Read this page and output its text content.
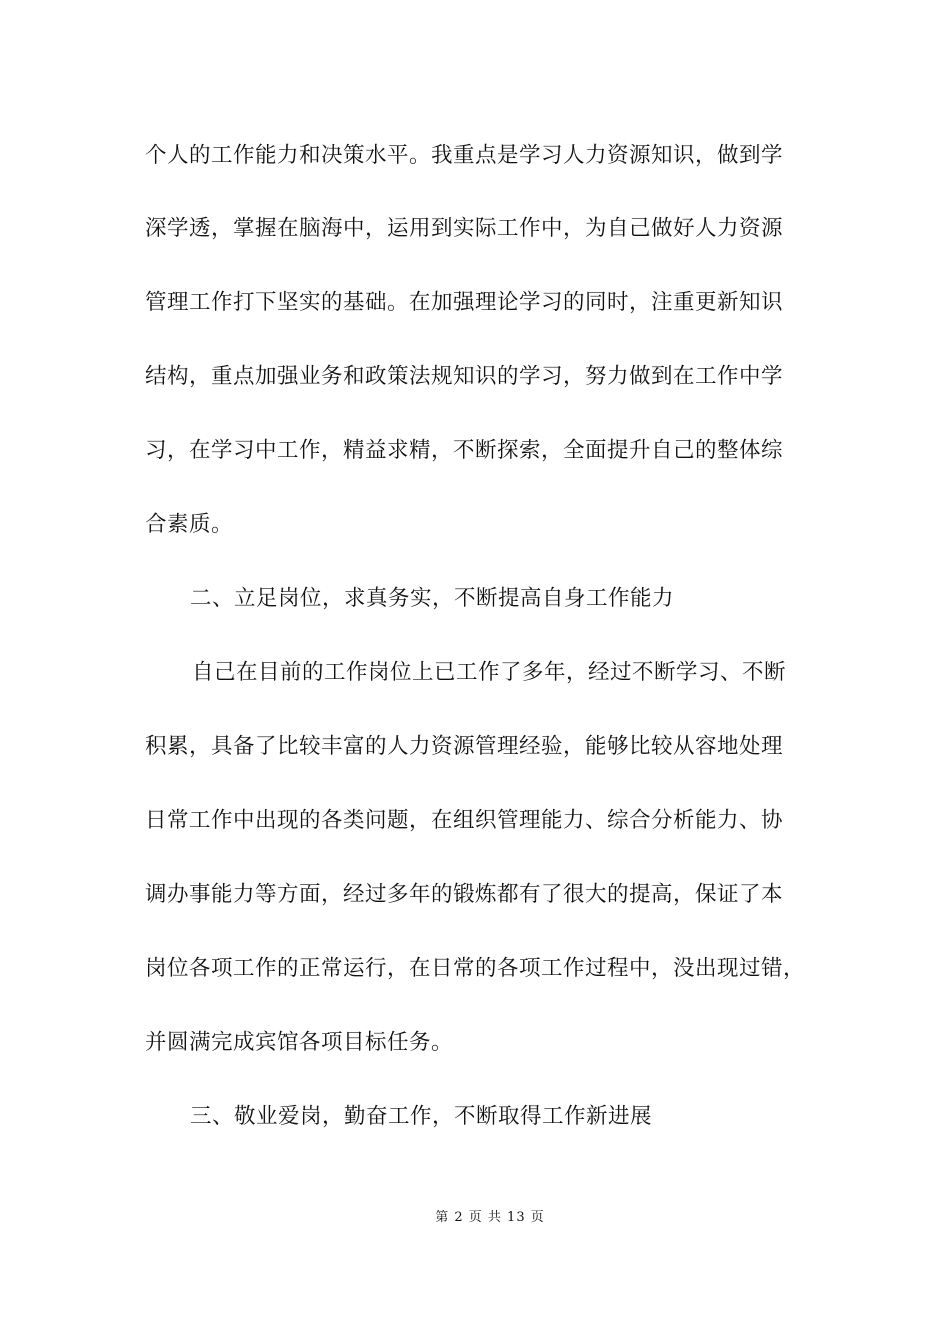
个人的工作能力和决策水平。我重点是学习人力资源知识，做到学
深学透，掌握在脑海中，运用到实际工作中，为自己做好人力资源
管理工作打下坚实的基础。在加强理论学习的同时，注重更新知识
结构，重点加强业务和政策法规知识的学习，努力做到在工作中学
习，在学习中工作，精益求精，不断探索，全面提升自己的整体综
合素质。
二、立足岗位，求真务实，不断提高自身工作能力
自己在目前的工作岗位上已工作了多年，经过不断学习、不断
积累，具备了比较丰富的人力资源管理经验，能够比较从容地处理
日常工作中出现的各类问题，在组织管理能力、综合分析能力、协
调办事能力等方面，经过多年的锻炼都有了很大的提高，保证了本
岗位各项工作的正常运行，在日常的各项工作过程中，没出现过错，
并圆满完成宾馆各项目标任务。
三、敬业爱岗，勤奋工作，不断取得工作新进展
第 2 页 共 13 页
